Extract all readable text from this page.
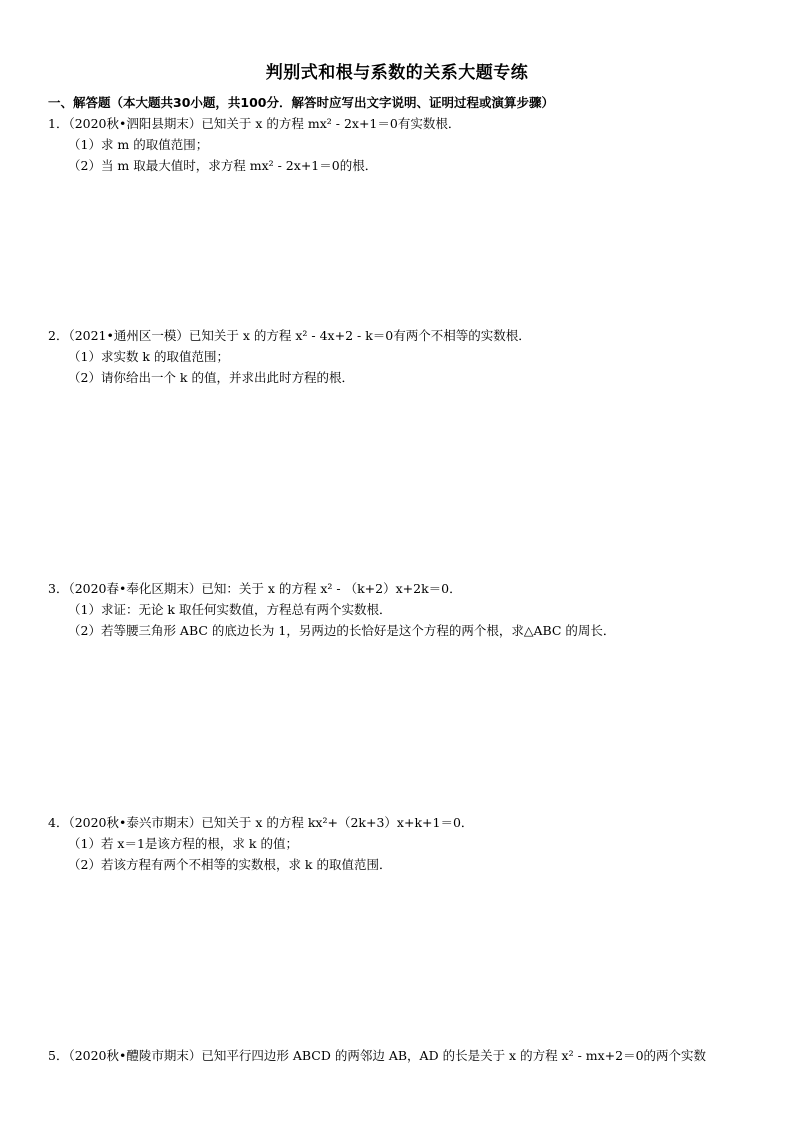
判别式和根与系数的关系大题专练
一、解答题（本大题共30小题，共100分．解答时应写出文字说明、证明过程或演算步骤）
1．（2020秋•泗阳县期末）已知关于 x 的方程 mx² - 2x+1＝0有实数根．
（1）求 m 的取值范围；
（2）当 m 取最大值时，求方程 mx² - 2x+1＝0的根．
2．（2021•通州区一模）已知关于 x 的方程 x² - 4x+2 - k＝0有两个不相等的实数根．
（1）求实数 k 的取值范围；
（2）请你给出一个 k 的值，并求出此时方程的根．
3．（2020春•奉化区期末）已知：关于 x 的方程 x² - （k+2）x+2k＝0．
（1）求证：无论 k 取任何实数值，方程总有两个实数根．
（2）若等腰三角形 ABC 的底边长为 1，另两边的长恰好是这个方程的两个根，求△ABC 的周长．
4．（2020秋•泰兴市期末）已知关于 x 的方程 kx²+（2k+3）x+k+1＝0．
（1）若 x＝1是该方程的根，求 k 的值；
（2）若该方程有两个不相等的实数根，求 k 的取值范围．
5．（2020秋•醴陵市期末）已知平行四边形 ABCD 的两邻边 AB，AD 的长是关于 x 的方程 x² - mx+2＝0的两个实数
